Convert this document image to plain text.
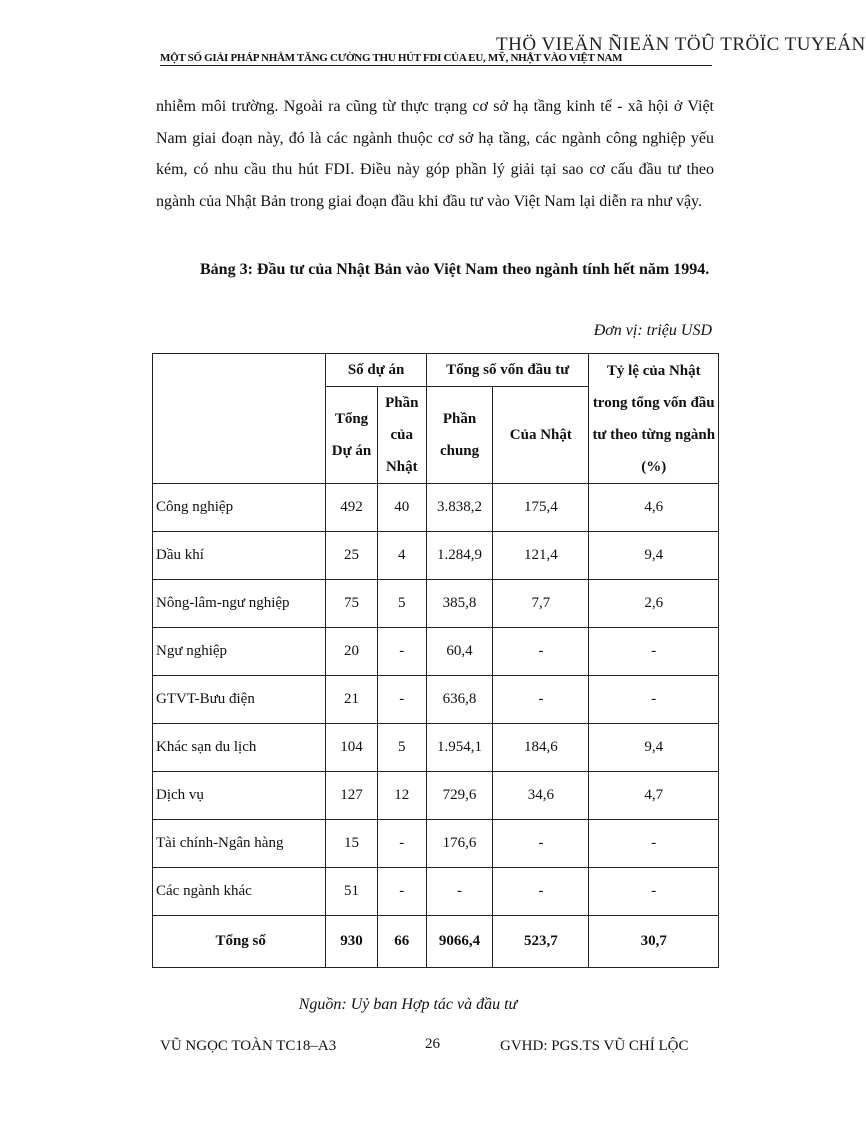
THÖ VIEÄN ÑIEÄN TÖÛ TRÖÏC TUYEÁN
MỘT SỐ GIẢI PHÁP NHẰM TĂNG CƯỜNG THU HÚT FDI CỦA EU, MỸ, NHẬT VÀO VIỆT NAM

nhiễm môi trường. Ngoài ra cũng từ thực trạng cơ sở hạ tầng kinh tế - xã hội ở Việt Nam giai đoạn này, đó là các ngành thuộc cơ sở hạ tầng, các ngành công nghiệp yếu kém, có nhu cầu thu hút FDI. Điều này góp phần lý giải tại sao cơ cấu đầu tư theo ngành của Nhật Bản trong giai đoạn đầu khi đầu tư vào Việt Nam lại diễn ra như vậy.

Bảng 3: Đầu tư của Nhật Bản vào Việt Nam theo ngành tính hết năm 1994.

Đơn vị: triệu USD
	Số dự án		Tổng số vốn đầu tư		Tỷ lệ của Nhật trong tổng vốn đầu tư theo từng ngành (%)
	Tổng Dự án	Phần của Nhật	Phần chung	Của Nhật	
Công nghiệp	492	40	3.838,2	175,4	4,6
Dầu khí	25	4	1.284,9	121,4	9,4
Nông-lâm-ngư nghiệp	75	5	385,8	7,7	2,6
Ngư nghiệp	20	-	60,4	-	-
GTVT-Bưu điện	21	-	636,8	-	-
Khác sạn du lịch	104	5	1.954,1	184,6	9,4
Dịch vụ	127	12	729,6	34,6	4,7
Tài chính-Ngân hàng	15	-	176,6	-	-
Các ngành khác	51	-	-	-	-
Tổng số	930	66	9066,4	523,7	30,7
Nguồn: Uỷ ban Hợp tác và đầu tư
VŨ NGỌC TOÀN TC18–A3	26	GVHD: PGS.TS VŨ CHÍ LỘC
